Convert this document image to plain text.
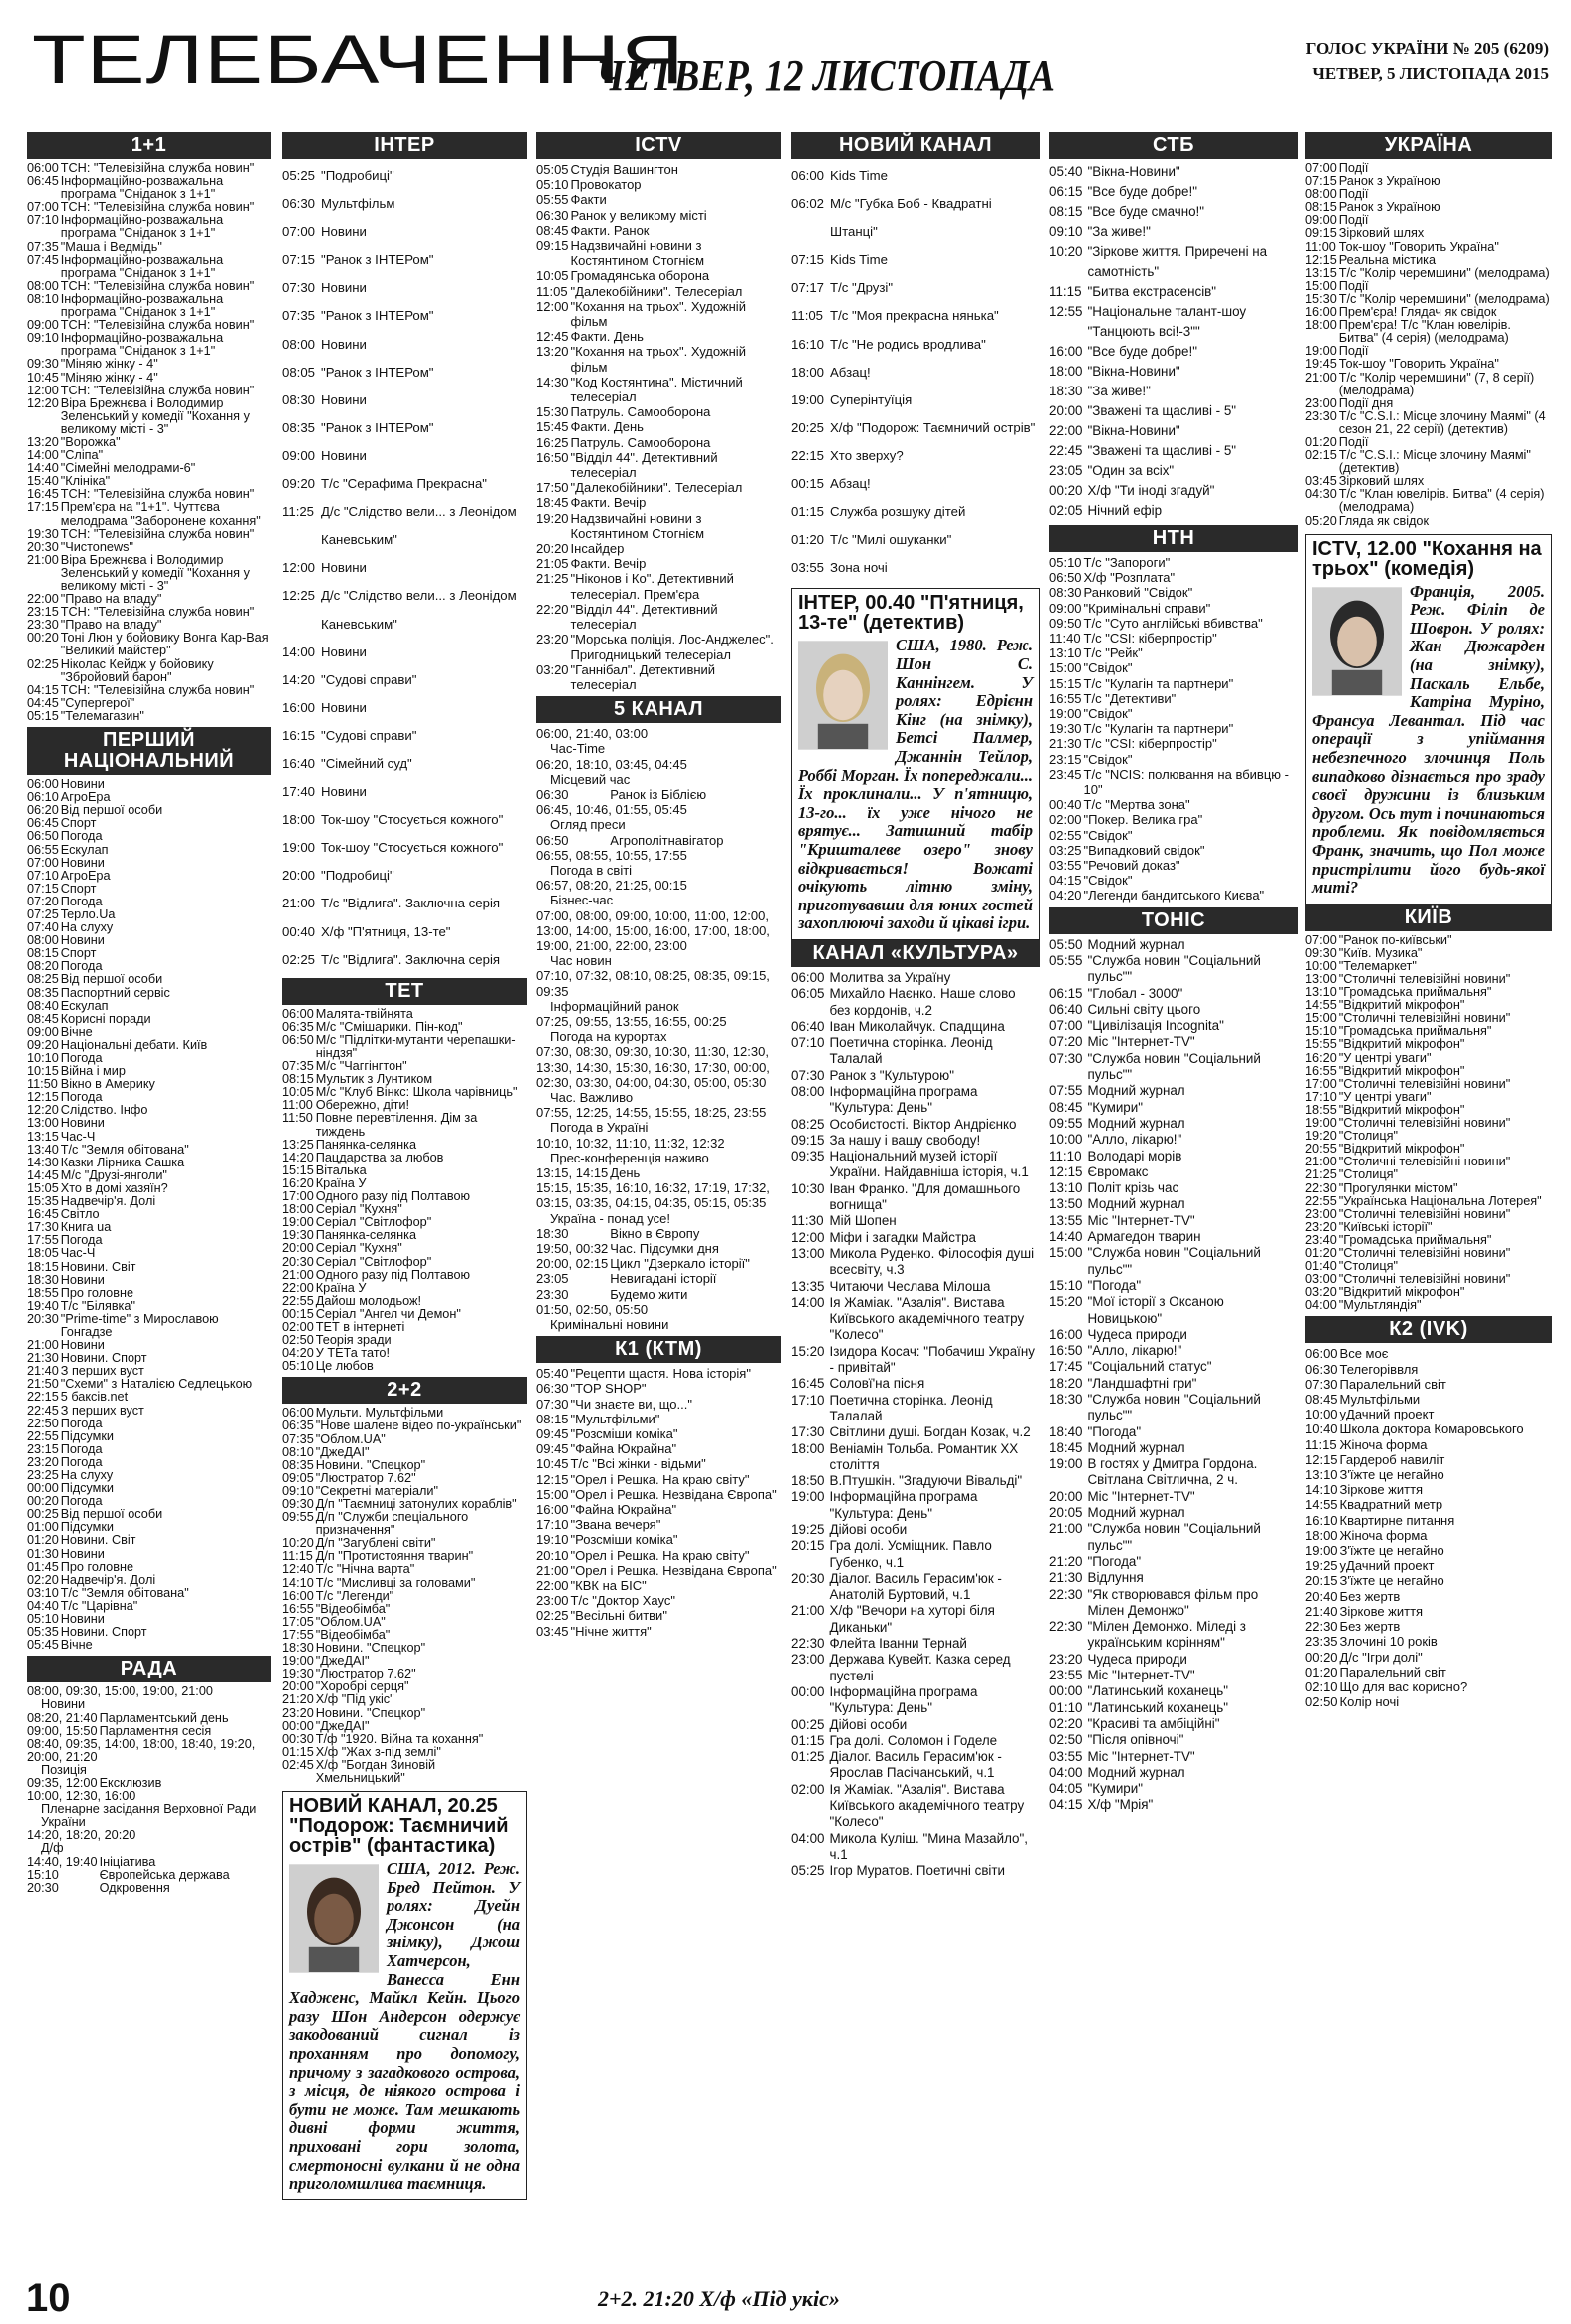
ТЕЛЕБАЧЕННЯ
ЧЕТВЕР, 12 ЛИСТОПАДА
ГОЛОС УКРАЇНИ № 205 (6209)
ЧЕТВЕР, 5 ЛИСТОПАДА 2015
1+1
06:00 ТСН: "Телевізійна служба новин"
06:45 Інформаційно-розважальна програма "Сніданок з 1+1"
07:00 ТСН: "Телевізійна служба новин"
07:10 Інформаційно-розважальна програма "Сніданок з 1+1"
07:35 "Маша і Ведмідь"
07:45 Інформаційно-розважальна програма "Сніданок з 1+1"
08:00 ТСН: "Телевізійна служба новин"
08:10 Інформаційно-розважальна програма "Сніданок з 1+1"
09:00 ТСН: "Телевізійна служба новин"
09:10 Інформаційно-розважальна програма "Сніданок з 1+1"
09:30 "Міняю жінку - 4"
10:45 "Міняю жінку - 4"
12:00 ТСН: "Телевізійна служба новин"
12:20 Віра Брежнєва і Володимир Зеленський у комедії "Кохання у великому місті - 3"
13:20 "Ворожка"
14:00 "Сліпа"
14:40 "Сімейні мелодрами-6"
15:40 "Клініка"
16:45 ТСН: "Телевізійна служба новин"
17:15 Прем'єра на "1+1". Чуттєва мелодрама "Заборонене кохання"
19:30 ТСН: "Телевізійна служба новин"
20:30 "Чистоnews"
21:00 Віра Брежнєва і Володимир Зеленський у комедії "Кохання у великому місті - 3"
22:00 "Право на владу"
23:15 ТСН: "Телевізійна служба новин"
23:30 "Право на владу"
00:20 Тоні Люн у бойовику Вонга Кар-Вая "Великий майстер"
02:25 Ніколас Кейдж у бойовику "Збройовий барон"
04:15 ТСН: "Телевізійна служба новин"
04:45 "Супергерої"
05:15 "Телемагазин"
ПЕРШИЙ НАЦІОНАЛЬНИЙ
06:00 Новини
06:10 АгроЕра
06:20 Від першої особи
06:45 Спорт
06:50 Погода
06:55 Ескулап
07:00 Новини
07:10 АгроЕра
07:15 Спорт
07:20 Погода
07:25 Tepлo.Ua
07:40 На слуху
08:00 Новини
08:15 Спорт
08:20 Погода
08:25 Від першої особи
08:35 Паспортний сервіс
08:40 Ескулап
08:45 Корисні поради
09:00 Вічне
09:20 Національні дебати. Київ
10:10 Погода
10:15 Війна і мир
11:50 Вікно в Америку
12:15 Погода
12:20 Слідство. Інфо
13:00 Новини
13:15 Час-Ч
13:40 Т/с "Земля обітована"
14:30 Казки Лірника Сашка
14:45 М/с "Друзі-янголи"
15:05 Хто в домі хазяїн?
15:35 Надвечір'я. Долі
16:45 Світло
17:30 Книга ua
17:55 Погода
18:05 Час-Ч
18:15 Новини. Світ
18:30 Новини
18:55 Про головне
19:40 Т/с "Білявка"
20:30 "Prime-time" з Мирославою Гонгадзе
21:00 Новини
21:30 Новини. Спорт
21:40 З перших вуст
21:50 "Схеми" з Наталією Седлецькою
22:15 5 баксів.net
22:45 З перших вуст
22:50 Погода
22:55 Підсумки
23:15 Погода
23:20 Погода
23:25 На слуху
00:00 Підсумки
00:20 Погода
00:25 Від першої особи
01:00 Підсумки
01:20 Новини. Світ
01:30 Новини
01:45 Про головне
02:20 Надвечір'я. Долі
03:10 Т/с "Земля обітована"
04:40 Т/с "Царівна"
05:10 Новини
05:35 Новини. Спорт
05:45 Вічне
РАДА
08:00, 09:30, 15:00, 19:00, 21:00
Новини
08:20, 21:40 Парламентський день
09:00, 15:50 Парламентня сесія
08:40, 09:35, 14:00, 18:00, 18:40, 19:20, 20:00, 21:20
Позиція
09:35, 12:00 Ексклюзив
10:00, 12:30, 16:00
Пленарне засідання Верховної Ради України
14:20, 18:20, 20:20
Д/ф
14:40, 19:40 Ініціатива
15:10	Європейська держава
20:30	Одкровення
ІНТЕР
05:25 "Подробиці"
06:30 Мультфільм
07:00 Новини
07:15 "Ранок з ІНТЕРом"
07:30 Новини
07:35 "Ранок з ІНТЕРом"
08:00 Новини
08:05 "Ранок з ІНТЕРом"
08:30 Новини
08:35 "Ранок з ІНТЕРом"
09:00 Новини
09:20 Т/с "Серафима Прекрасна"
11:25 Д/с "Слідство вели... з Леонідом Каневським"
12:00 Новини
12:25 Д/с "Слідство вели... з Леонідом Каневським"
14:00 Новини
14:20 "Судові справи"
16:00 Новини
16:15 "Судові справи"
16:40 "Сімейний суд"
17:40 Новини
18:00 Ток-шоу "Стосується кожного"
19:00 Ток-шоу "Стосується кожного"
20:00 "Подробиці"
21:00 Т/с "Відлига". Заключна серія
00:40 Х/ф "П'ятниця, 13-те"
02:25 Т/с "Відлига". Заключна серія
ТЕТ
06:00 Малята-твійнята
06:35 М/с "Смішарики. Пін-код"
06:50 М/с "Підлітки-мутанти черепашки-ніндзя"
07:35 М/с "Чаггінгтон"
08:15 Мультик з Лунтиком
10:05 М/с "Клуб Вінкс: Школа чарівниць"
11:00 Обережно, діти!
11:50 Повне перевтілення. Дім за тиждень
13:25 Панянка-селянка
14:20 Пацдарства за любов
15:15 Віталька
16:20 Країна У
17:00 Одного разу під Полтавою
18:00 Серіал "Кухня"
19:00 Серіал "Світлофор"
19:30 Панянка-селянка
20:00 Серіал "Кухня"
20:30 Серіал "Світлофор"
21:00 Одного разу під Полтавою
22:00 Країна У
22:55 Дайош молодьож!
00:15 Серіал "Ангел чи Демон"
02:00 ТЕТ в інтернеті
02:50 Теорія зради
04:20 У ТЕТа тато!
05:10 Це любов
2+2
06:00 Мульти. Мультфільми
06:35 "Нове шалене відео по-українськи"
07:35 "Облом.UA"
08:10 "ДжеДАІ"
08:35 Новини. "Спецкор"
09:05 "Люстратор 7.62"
09:10 "Секретні матеріали"
09:30 Д/п "Таємниці затонулих кораблів"
09:55 Д/п "Служби спеціального призначення"
10:20 Д/п "Загублені світи"
11:15 Д/п "Протистояння тварин"
12:40 Т/с "Нічна варта"
14:10 Т/с "Мисливці за головами"
16:00 Т/с "Легенди"
16:55 "Відеобімба"
17:05 "Облом.UA"
17:55 "Відеобімба"
18:30 Новини. "Спецкор"
19:00 "ДжеДАІ"
19:30 "Люстратор 7.62"
20:00 "Хоробрі серця"
21:20 Х/ф "Під укіс"
23:20 Новини. "Спецкор"
00:00 "ДжеДАІ"
00:30 Т/ф "1920. Війна та кохання"
01:15 Х/ф "Жах з-під землі"
02:45 Х/ф "Богдан Зиновій Хмельницький"
НОВИЙ КАНАЛ, 20.25 "Подорож: Таємничий острів" (фантастика)
США, 2012. Реж. Бред Пейтон. У ролях: Дуейн Джонсон (на знімку), Джош Хатчерсон, Ванесса Енн Хадженс, Майкл Кейн. Цього разу Шон Андерсон одержує закодований сигнал із проханням про допомогу, причому з загадкового острова, з місця, де ніякого острова і бути не може. Там мешкають дивні форми життя, приховані гори золота, смертоносні вулкани й не одна приголомшлива таємниця.
ICTV
05:05 Студія Вашингтон
05:10 Провокатор
05:55 Факти
06:30 Ранок у великому місті
08:45 Факти. Ранок
09:15 Надзвичайні новини з Костянтином Стогнієм
10:05 Громадянська оборона
11:05 "Далекобійники". Телесеріал
12:00 "Кохання на трьох". Художній фільм
12:45 Факти. День
13:20 "Кохання на трьох". Художній фільм
14:30 "Код Костянтина". Містичний телесеріал
15:30 Патруль. Самооборона
15:45 Факти. День
16:25 Патруль. Самооборона
16:50 "Відділ 44". Детективний телесеріал
17:50 "Далекобійники". Телесеріал
18:45 Факти. Вечір
19:20 Надзвичайні новини з Костянтином Стогнієм
20:20 Інсайдер
21:05 Факти. Вечір
21:25 "Ніконов і Ко". Детективний телесеріал. Прем'єра
22:20 "Відділ 44". Детективний телесеріал
23:20 "Морська поліція. Лос-Анджелес". Пригодницький телесеріал
03:20 "Ганнібал". Детективний телесеріал
5 КАНАЛ
06:00, 21:40, 03:00
Час-Time
06:20, 18:10, 03:45, 04:45
Місцевий час
06:30	Ранок із Біблією
06:45, 10:46, 01:55, 05:45
Огляд преси
06:50	Агрополітнавігатор
06:55, 08:55, 10:55, 17:55
Погода в світі
06:57, 08:20, 21:25, 00:15
Бізнес-час
07:00, 08:00, 09:00, 10:00, 11:00, 12:00, 13:00, 14:00, 15:00, 16:00, 17:00, 18:00, 19:00, 21:00, 22:00, 23:00
Час новин
07:10, 07:32, 08:10, 08:25, 08:35, 09:15, 09:35
Інформаційний ранок
07:25, 09:55, 13:55, 16:55, 00:25
Погода на курортах
07:30, 08:30, 09:30, 10:30, 11:30, 12:30, 13:30, 14:30, 15:30, 16:30, 17:30, 00:00, 02:30, 03:30, 04:00, 04:30, 05:00, 05:30
Час. Важливо
07:55, 12:25, 14:55, 15:55, 18:25, 23:55
Погода в Україні
10:10, 10:32, 11:10, 11:32, 12:32
Прес-конференція наживо
13:15, 14:15 День
15:15, 15:35, 16:10, 16:32, 17:19, 17:32, 03:15, 03:35, 04:15, 04:35, 05:15, 05:35
Україна - понад усе!
18:30	Вікно в Європу
19:50, 00:32 Час. Підсумки дня
20:00, 02:15 Цикл "Дзеркало історії"
23:05	Невигадані історії
23:30	Будемо жити
01:50, 02:50, 05:50
Кримінальні новини
К1 (КТМ)
05:40 "Рецепти щастя. Нова історія"
06:30 "TOP SHOP"
07:30 "Чи знаєте ви, що..."
08:15 "Мультфільми"
09:45 "Розсміши коміка"
09:45 "Файна Юкрайна"
10:45 Т/с "Всі жінки - відьми"
12:15 "Орел і Решка. На краю світу"
15:00 "Орел і Решка. Незвідана Європа"
16:00 "Файна Юкрайна"
17:10 "Звана вечеря"
19:10 "Розсміши коміка"
20:10 "Орел і Решка. На краю світу"
21:00 "Орел і Решка. Незвідана Європа"
22:00 "КВК на БІС"
23:00 Т/с "Доктор Хаус"
02:25 "Весільні битви"
03:45 "Нічне життя"
НОВИЙ КАНАЛ
06:00 Kids Time
06:02 М/с "Губка Боб - Квадратні Штанці"
07:15 Kids Time
07:17 Т/с "Друзі"
11:05 Т/с "Моя прекрасна нянька"
16:10 Т/с "Не родись вродлива"
18:00 Абзац!
19:00 Суперінтуїція
20:25 Х/ф "Подорож: Таємничий острів"
22:15 Хто зверху?
00:15 Абзац!
01:15 Служба розшуку дітей
01:20 Т/с "Милі ошуканки"
03:55 Зона ночі
ІНТЕР, 00.40 "П'ятниця, 13-те" (детектив)
США, 1980. Реж. Шон С. Каннінгем. У ролях: Едрієнн Кінг (на знімку), Бетсі Палмер, Джаннін Тейлор, Роббі Морган. Їх попереджали... Їх проклинали... У п'ятницю, 13-го... їх уже нічого не врятує... Затишний табір "Кришталеве озеро" знову відкривається! Вожаті очікують літню зміну, приготувавши для юних гостей захоплюючі заходи й цікаві ігри.
КАНАЛ «КУЛЬТУРА»
06:00 Молитва за Україну
06:05 Михайло Наєнко. Наше слово без кордонів, ч.2
06:40 Іван Миколайчук. Спадщина
07:10 Поетична сторінка. Леонід Талалай
07:30 Ранок з "Культурою"
08:00 Інформаційна програма "Культура: День"
08:25 Особистості. Віктор Андрієнко
09:15 За нашу і вашу свободу!
09:35 Національний музей історії України. Найдавніша історія, ч.1
10:30 Іван Франко. "Для домашнього вогнища"
11:30 Мій Шопен
12:00 Міфи і загадки Майстра
13:00 Микола Руденко. Філософія душі всесвіту, ч.3
13:35 Читаючи Чеслава Мілоша
14:00 Ія Жаміак. "Азалія". Вистава Київського академічного театру "Колесо"
15:20 Ізидора Косач: "Побачиш Україну - привітай"
16:45 Соловї'на пісня
17:10 Поетична сторінка. Леонід Талалай
17:30 Світлини душі. Богдан Козак, ч.2
18:00 Веніамін Тольба. Романтик ХХ століття
18:50 В.Птушкін. "Згадуючи Вівальді"
19:00 Інформаційна програма "Культура: День"
19:25 Дійові особи
20:15 Гра долі. Усміщник. Павло Губенко, ч.1
20:30 Діалог. Василь Герасим'юк - Анатолій Буртовий, ч.1
21:00 Х/ф "Вечори на хуторі біля Диканьки"
22:30 Флейта Іванни Тернай
23:00 Держава Кувейт. Казка серед пустелі
00:00 Інформаційна програма "Культура: День"
00:25 Дійові особи
01:15 Гра долі. Соломон і Годеле
01:25 Діалог. Василь Герасим'юк - Ярослав Пасічанський, ч.1
02:00 Ія Жаміак. "Азалія". Вистава Київського академічного театру "Колесо"
04:00 Микола Куліш. "Мина Мазайло", ч.1
05:25 Ігор Муратов. Поетичні світи
СТБ
05:40 "Вікна-Новини"
06:15 "Все буде добре!"
08:15 "Все буде смачно!"
09:10 "За живе!"
10:20 "Зіркове життя. Приречені на самотність"
11:15 "Битва екстрасенсів"
12:55 "Національне талант-шоу "Танцюють всі!-3""
16:00 "Все буде добре!"
18:00 "Вікна-Новини"
18:30 "За живе!"
20:00 "Зважені та щасливі - 5"
22:00 "Вікна-Новини"
22:45 "Зважені та щасливі - 5"
23:05 "Один за всіх"
00:20 Х/ф "Ти іноді згадуй"
02:05 Нічний ефір
НТН
05:10 Т/с "Запороги"
06:50 Х/ф "Розплата"
08:30 Ранковий "Свідок"
09:00 "Кримінальні справи"
09:50 Т/с "Суто англійські вбивства"
11:40 Т/с "CSI: кіберпростір"
13:10 Т/с "Рейк"
15:00 "Свідок"
15:15 Т/с "Кулагін та партнери"
16:55 Т/с "Детективи"
19:00 "Свідок"
19:30 Т/с "Кулагін та партнери"
21:30 Т/с "CSI: кіберпростір"
23:15 "Свідок"
23:45 Т/с "NCIS: полювання на вбивцю - 10"
00:40 Т/с "Мертва зона"
02:00 "Покер. Велика гра"
02:55 "Свідок"
03:25 "Випадковий свідок"
03:55 "Речовий доказ"
04:15 "Свідок"
04:20 "Легенди бандитського Києва"
ТОНІС
05:50 Модний журнал
05:55 "Служба новин "Соціальний пульс""
06:15 "Глобал - 3000"
06:40 Сильні світу цього
07:00 "Цивілізація Incognita"
07:20 Міс "Інтернет-TV"
07:30 "Служба новин "Соціальний пульс""
07:55 Модний журнал
08:45 "Кумири"
09:55 Модний журнал
10:00 "Алло, лікарю!"
11:10 Володарі морів
12:15 Євромакс
13:10 Політ крізь час
13:50 Модний журнал
13:55 Міс "Інтернет-TV"
14:40 Армагедон тварин
15:00 "Служба новин "Соціальний пульс""
15:10 "Погода"
15:20 "Мої історії з Оксаною Новицькою"
16:00 Чудеса природи
16:50 "Алло, лікарю!"
17:45 "Соціальний статус"
18:20 "Ландшафтні гри"
18:30 "Служба новин "Соціальний пульс""
18:40 "Погода"
18:45 Модний журнал
19:00 В гостях у Дмитра Гордона. Світлана Світлична, 2 ч.
20:00 Міс "Інтернет-TV"
20:05 Модний журнал
21:00 "Служба новин "Соціальний пульс""
21:20 "Погода"
21:30 Відлуння
22:30 "Як створювався фільм про Мілен Демонжо"
22:30 "Мілен Демонжо. Міледі з українським корінням"
23:20 Чудеса природи
23:55 Міс "Інтернет-TV"
00:00 "Латинський коханець"
01:10 "Латинський коханець"
02:20 "Красиві та амбіційні"
02:50 "Після опівночі"
03:55 Міс "Інтернет-TV"
04:00 Модний журнал
04:05 "Кумири"
04:15 Х/ф "Мрія"
УКРАЇНА
07:00 Події
07:15 Ранок з Україною
08:00 Події
08:15 Ранок з Україною
09:00 Події
09:15 Зірковий шлях
11:00 Ток-шоу "Говорить Україна"
12:15 Реальна містика
13:15 Т/с "Колір черемшини" (мелодрама)
15:00 Події
15:30 Т/с "Колір черемшини" (мелодрама)
16:00 Прем'єра! Глядач як свідок
18:00 Прем'єра! Т/с "Клан ювелірів. Битва" (4 серія) (мелодрама)
19:00 Події
19:45 Ток-шоу "Говорить Україна"
21:00 Т/с "Колір черемшини" (7, 8 серії) (мелодрама)
23:00 Події дня
23:30 Т/с "C.S.I.: Місце злочину Маямі" (4 сезон 21, 22 серії) (детектив)
01:20 Події
02:15 Т/с "C.S.I.: Місце злочину Маямі" (детектив)
03:45 Зірковий шлях
04:30 Т/с "Клан ювелірів. Битва" (4 серія) (мелодрама)
05:20 Гляда як свідок
ICTV, 12.00 "Кохання на трьох" (комедія)
Франція, 2005. Реж. Філіп де Шоврон. У ролях: Жан Дюжарден (на знімку), Паскаль Ельбе, Катріна Мурiно, Франсуа Левантал. Під час операції з упіймання небезпечного злочинця Поль випадково дізнається про зраду своєї дружини із близьким другом. Ось тут і починаються проблеми. Як повідомляється Франк, значить, що Пол може пристрілити його будь-якої миті?
КИЇВ
07:00 "Ранок по-київськи"
09:30 "Київ. Музика"
10:00 "Телемаркет"
13:00 "Столичні телевізійні новини"
13:10 "Громадська приймальня"
14:55 "Відкритий мікрофон"
15:00 "Столичні телевізійні новини"
15:10 "Громадська приймальня"
15:55 "Відкритий мікрофон"
16:20 "У центрі уваги"
16:55 "Відкритий мікрофон"
17:00 "Столичні телевізійні новини"
17:10 "У центрі уваги"
18:55 "Відкритий мікрофон"
19:00 "Столичні телевізійні новини"
19:20 "Столиця"
20:55 "Відкритий мікрофон"
21:00 "Столичні телевізійні новини"
21:25 "Столиця"
22:30 "Прогулянки містом"
22:55 "Українська Національна Лотерея"
23:00 "Столичні телевізійні новини"
23:20 "Київські історії"
23:40 "Громадська приймальня"
01:20 "Столичні телевізійні новини"
01:40 "Столиця"
03:00 "Столичні телевізійні новини"
03:20 "Відкритий мікрофон"
04:00 "Мультляндія"
К2 (IVK)
06:00 Все моє
06:30 Телегоріввля
07:30 Паралельний світ
08:45 Мультфільми
10:00 уДачний проект
10:40 Школа доктора Комаровського
11:15 Жіноча форма
12:15 Гардероб навиліт
13:10 З'їжте це негайно
14:10 Зіркове життя
14:55 Квадратний метр
16:10 Квартирне питання
18:00 Жіноча форма
19:00 З'їжте це негайно
19:25 уДачний проект
20:15 З'їжте це негайно
20:40 Без жертв
21:40 Зіркове життя
22:30 Без жертв
23:35 Злочині 10 років
00:20 Д/с "Ігри долі"
01:20 Паралельний світ
02:10 Що для вас корисно?
02:50 Колір ночі
10	2+2. 21:20 Х/ф «Під укіс»
